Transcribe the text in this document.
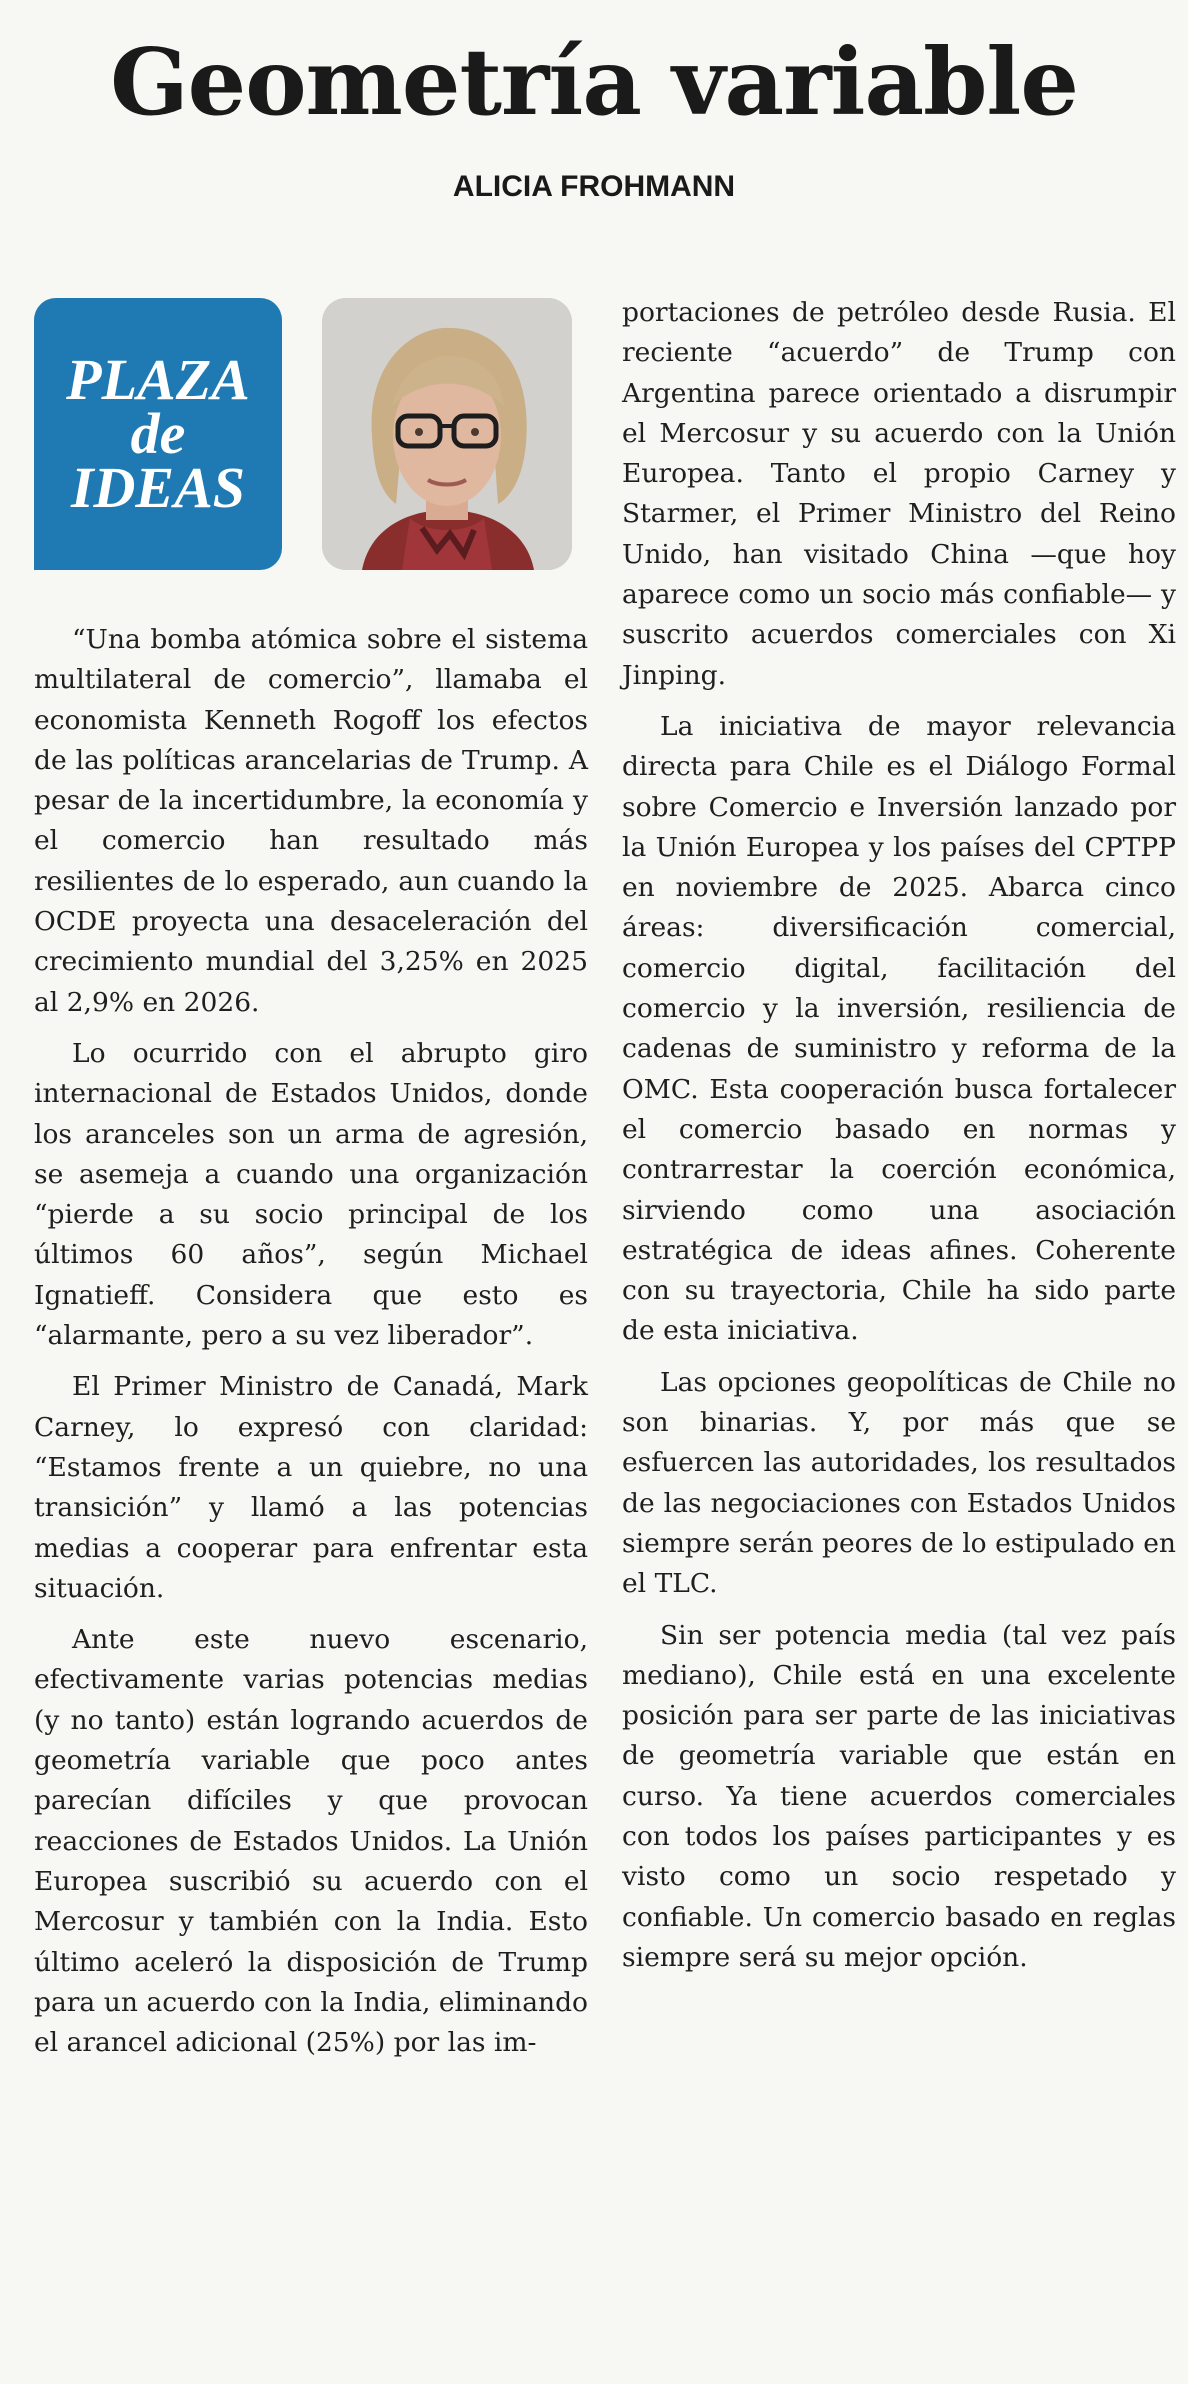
Geometría variable
ALICIA FROHMANN
PLAZA
de
IDEAS

“Una bomba atómica sobre el sistema multilateral de comercio”, llamaba el economista Kenneth Rogoff los efectos de las políticas arancelarias de Trump. A pesar de la incertidumbre, la economía y el comercio han resultado más resilientes de lo esperado, aun cuando la OCDE proyecta una desaceleración del crecimiento mundial del 3,25% en 2025 al 2,9% en 2026.

Lo ocurrido con el abrupto giro internacional de Estados Unidos, donde los aranceles son un arma de agresión, se asemeja a cuando una organización “pierde a su socio principal de los últimos 60 años”, según Michael Ignatieff. Considera que esto es “alarmante, pero a su vez liberador”.

El Primer Ministro de Canadá, Mark Carney, lo expresó con claridad: “Estamos frente a un quiebre, no una transición” y llamó a las potencias medias a cooperar para enfrentar esta situación.

Ante este nuevo escenario, efectivamente varias potencias medias (y no tanto) están logrando acuerdos de geometría variable que poco antes parecían difíciles y que provocan reacciones de Estados Unidos. La Unión Europea suscribió su acuerdo con el Mercosur y también con la India. Esto último aceleró la disposición de Trump para un acuerdo con la India, eliminando el arancel adicional (25%) por las im-

portaciones de petróleo desde Rusia. El reciente “acuerdo” de Trump con Argentina parece orientado a disrumpir el Mercosur y su acuerdo con la Unión Europea. Tanto el propio Carney y Starmer, el Primer Ministro del Reino Unido, han visitado China —que hoy aparece como un socio más confiable— y suscrito acuerdos comerciales con Xi Jinping.

La iniciativa de mayor relevancia directa para Chile es el Diálogo Formal sobre Comercio e Inversión lanzado por la Unión Europea y los países del CPTPP en noviembre de 2025. Abarca cinco áreas: diversificación comercial, comercio digital, facilitación del comercio y la inversión, resiliencia de cadenas de suministro y reforma de la OMC. Esta cooperación busca fortalecer el comercio basado en normas y contrarrestar la coerción económica, sirviendo como una asociación estratégica de ideas afines. Coherente con su trayectoria, Chile ha sido parte de esta iniciativa.

Las opciones geopolíticas de Chile no son binarias. Y, por más que se esfuercen las autoridades, los resultados de las negociaciones con Estados Unidos siempre serán peores de lo estipulado en el TLC.

Sin ser potencia media (tal vez país mediano), Chile está en una excelente posición para ser parte de las iniciativas de geometría variable que están en curso. Ya tiene acuerdos comerciales con todos los países participantes y es visto como un socio respetado y confiable. Un comercio basado en reglas siempre será su mejor opción.
